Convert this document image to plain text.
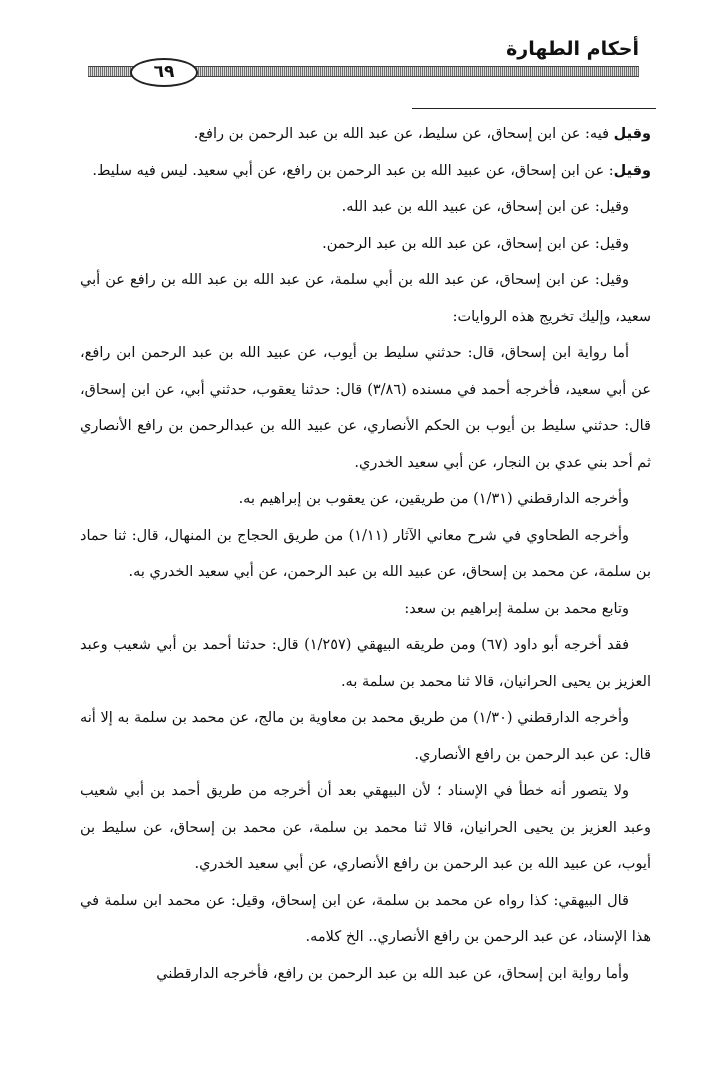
أحكام الطهارة
٦٩

وقيل فيه: عن ابن إسحاق، عن سليط، عن عبد الله بن عبد الرحمن بن رافع.

وقيل: عن ابن إسحاق، عن عبيد الله بن عبد الرحمن بن رافع، عن أبي سعيد. ليس فيه سليط.

وقيل: عن ابن إسحاق، عن عبيد الله بن عبد الله.

وقيل: عن ابن إسحاق، عن عبد الله بن عبد الرحمن.

وقيل: عن ابن إسحاق، عن عبد الله بن أبي سلمة، عن عبد الله بن عبد الله بن رافع عن أبي سعيد، وإليك تخريج هذه الروايات:

أما رواية ابن إسحاق، قال: حدثني سليط بن أيوب، عن عبيد الله بن عبد الرحمن ابن رافع، عن أبي سعيد، فأخرجه أحمد في مسنده (٣/٨٦) قال: حدثنا يعقوب، حدثني أبي، عن ابن إسحاق، قال: حدثني سليط بن أيوب بن الحكم الأنصاري، عن عبيد الله بن عبدالرحمن بن رافع الأنصاري ثم أحد بني عدي بن النجار، عن أبي سعيد الخدري.

وأخرجه الدارقطني (١/٣١) من طريقين، عن يعقوب بن إبراهيم به.

وأخرجه الطحاوي في شرح معاني الآثار (١/١١) من طريق الحجاج بن المنهال، قال: ثنا حماد بن سلمة، عن محمد بن إسحاق، عن عبيد الله بن عبد الرحمن، عن أبي سعيد الخدري به.

وتابع محمد بن سلمة إبراهيم بن سعد:

فقد أخرجه أبو داود (٦٧) ومن طريقه البيهقي (١/٢٥٧) قال: حدثنا أحمد بن أبي شعيب وعبد العزيز بن يحيى الحرانيان، قالا ثنا محمد بن سلمة به.

وأخرجه الدارقطني (١/٣٠) من طريق محمد بن معاوية بن مالج، عن محمد بن سلمة به إلا أنه قال: عن عبد الرحمن بن رافع الأنصاري.

ولا يتصور أنه خطأ في الإسناد ؛ لأن البيهقي بعد أن أخرجه من طريق أحمد بن أبي شعيب وعبد العزيز بن يحيى الحرانيان، قالا ثنا محمد بن سلمة، عن محمد بن إسحاق، عن سليط بن أيوب، عن عبيد الله بن عبد الرحمن بن رافع الأنصاري، عن أبي سعيد الخدري.

قال البيهقي: كذا رواه عن محمد بن سلمة، عن ابن إسحاق، وقيل: عن محمد ابن سلمة في هذا الإسناد، عن عبد الرحمن بن رافع الأنصاري.. الخ كلامه.

وأما رواية ابن إسحاق، عن عبد الله بن عبد الرحمن بن رافع، فأخرجه الدارقطني
